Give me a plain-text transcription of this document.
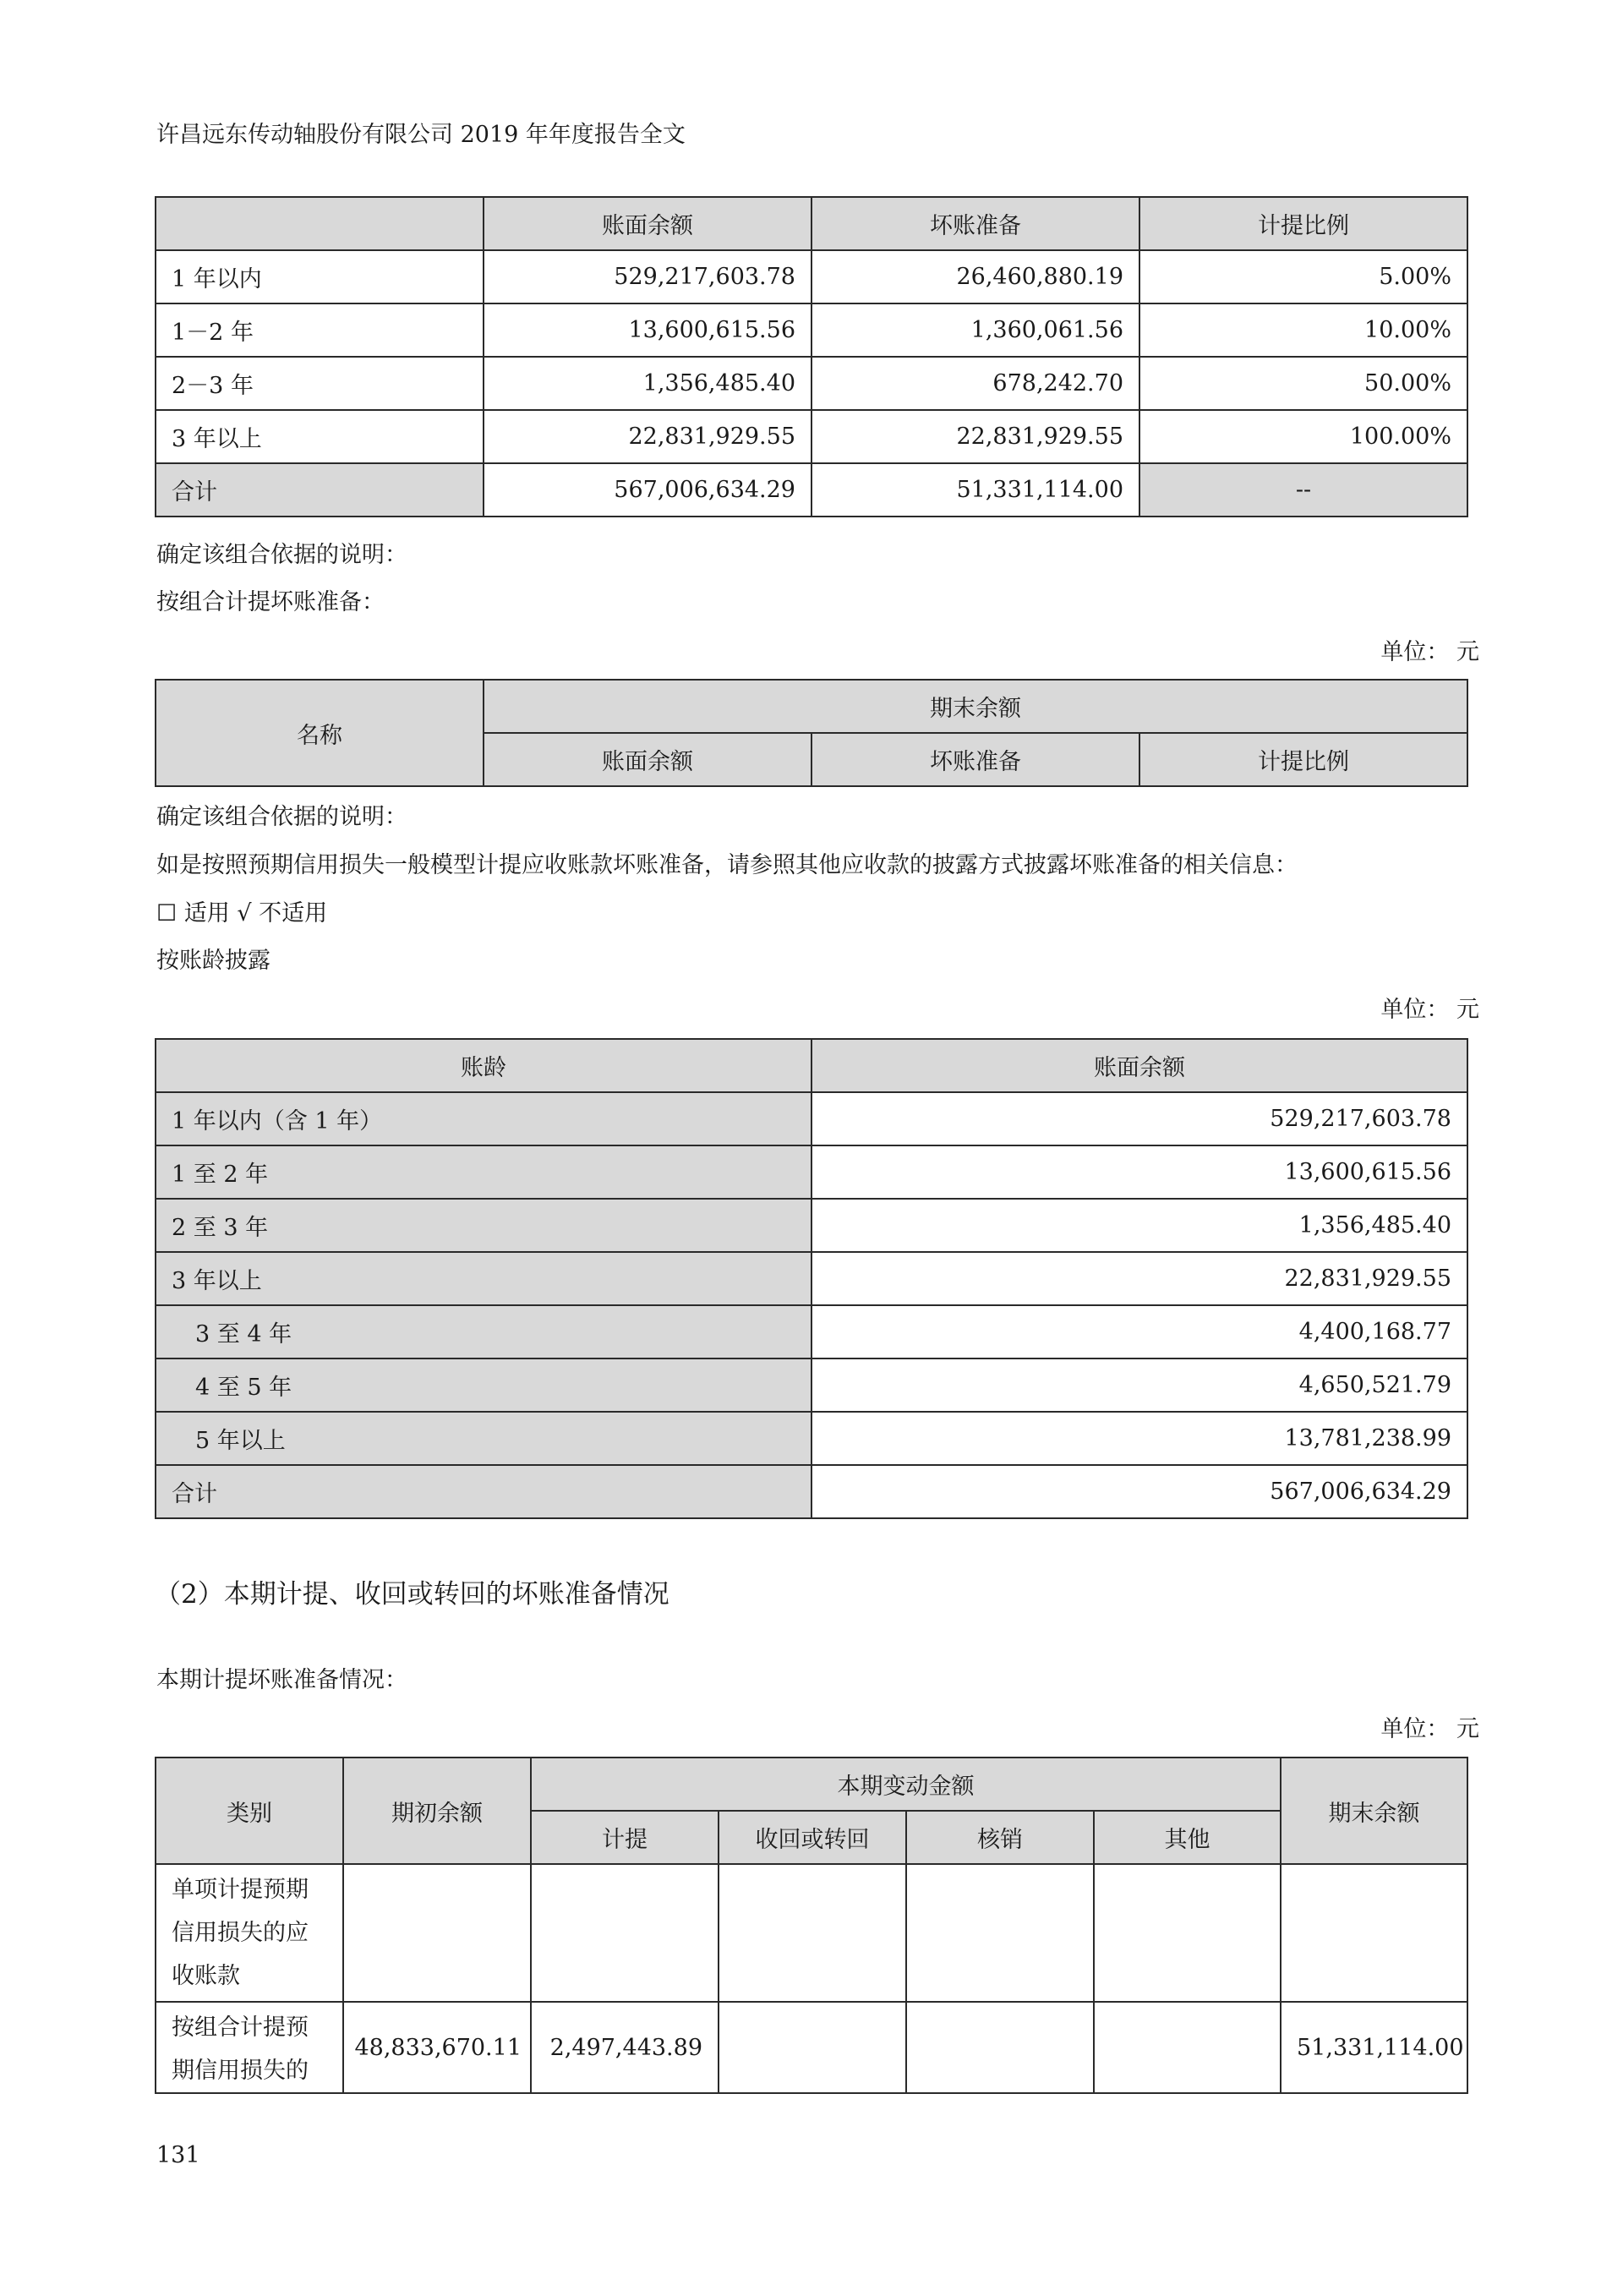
许昌远东传动轴股份有限公司 2019 年年度报告全文
	账面余额	坏账准备	计提比例
1 年以内	529,217,603.78	26,460,880.19	5.00%
1－2 年	13,600,615.56	1,360,061.56	10.00%
2－3 年	1,356,485.40	678,242.70	50.00%
3 年以上	22,831,929.55	22,831,929.55	100.00%
合计	567,006,634.29	51,331,114.00	--
确定该组合依据的说明：
按组合计提坏账准备：
单位： 元
名称	期末余额		
	账面余额	坏账准备	计提比例
确定该组合依据的说明：
如是按照预期信用损失一般模型计提应收账款坏账准备，请参照其他应收款的披露方式披露坏账准备的相关信息：
☐ 适用 √ 不适用
按账龄披露
单位： 元
账龄	账面余额
1 年以内（含 1 年）	529,217,603.78
1 至 2 年	13,600,615.56
2 至 3 年	1,356,485.40
3 年以上	22,831,929.55
3 至 4 年	4,400,168.77
4 至 5 年	4,650,521.79
5 年以上	13,781,238.99
合计	567,006,634.29
（2）本期计提、收回或转回的坏账准备情况
本期计提坏账准备情况：
单位： 元
类别	期初余额	本期变动金额				期末余额
		计提	收回或转回	核销	其他	
单项计提预期信用损失的应收账款						
按组合计提预期信用损失的	48,833,670.11	2,497,443.89				51,331,114.00
131
